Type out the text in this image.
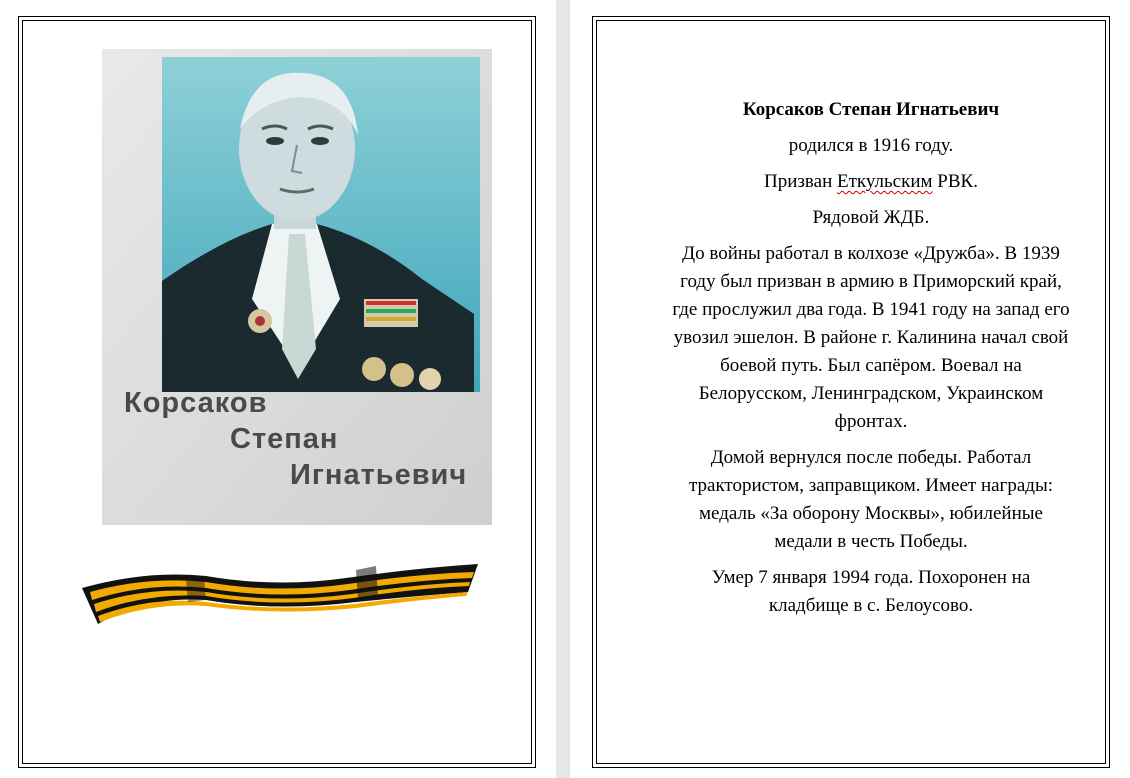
Корсаков
Степан
Игнатьевич

Корсаков Степан Игнатьевич

родился в 1916 году.

Призван Еткульским РВК.

Рядовой ЖДБ.

До войны работал в колхозе «Дружба». В 1939
году был призван в армию в Приморский край,
где прослужил два года. В 1941 году на запад его
увозил эшелон. В районе г. Калинина начал свой
боевой путь. Был сапёром. Воевал на
Белорусском, Ленинградском, Украинском
фронтах.

Домой вернулся после победы. Работал
трактористом, заправщиком. Имеет награды:
медаль «За оборону Москвы», юбилейные
медали в честь Победы.

Умер 7 января 1994 года. Похоронен на
кладбище в с. Белоусово.
